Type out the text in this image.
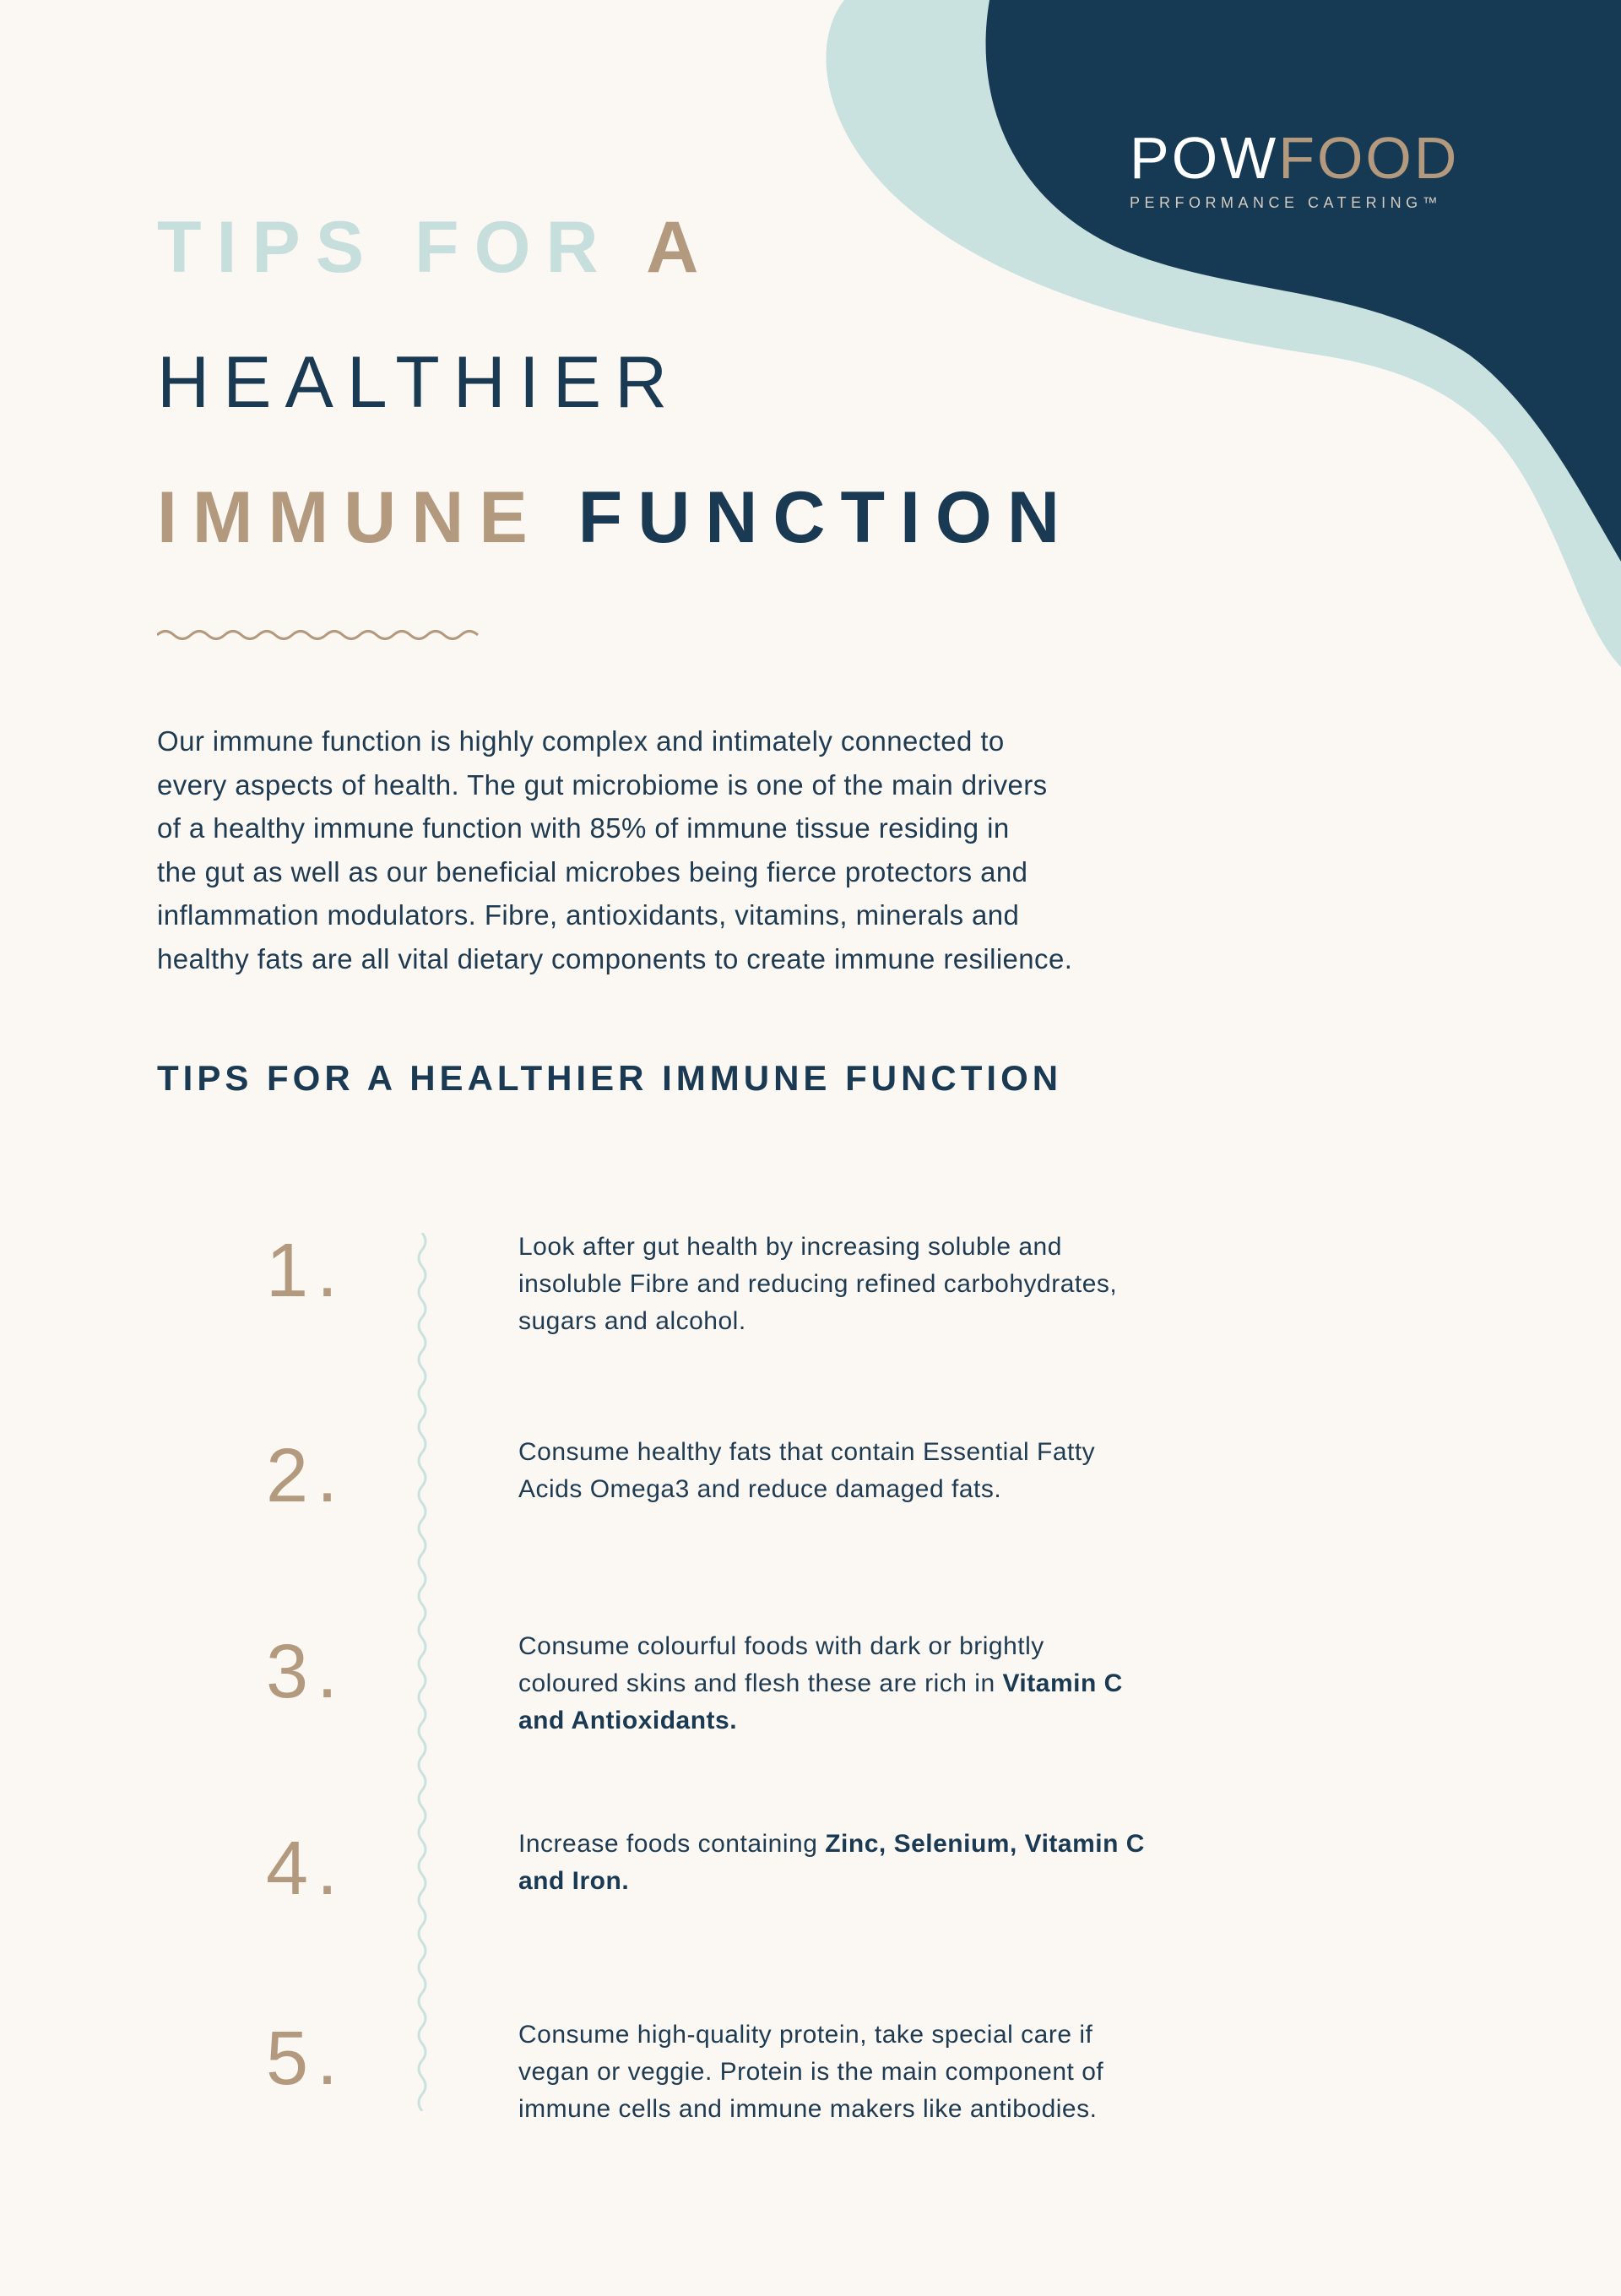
POWFOOD
PERFORMANCE CATERING™
TIPS FOR A
HEALTHIER
IMMUNE FUNCTION

Our immune function is highly complex and intimately connected to

every aspects of health. The gut microbiome is one of the main drivers

of a healthy immune function with 85% of immune tissue residing in

the gut as well as our beneficial microbes being fierce protectors and

inflammation modulators. Fibre, antioxidants, vitamins, minerals and

healthy fats are all vital dietary components to create immune resilience.

TIPS FOR A HEALTHIER IMMUNE FUNCTION
1.	Look after gut health by increasing soluble and

insoluble Fibre and reducing refined carbohydrates,

sugars and alcohol.

2.	Consume healthy fats that contain Essential Fatty

Acids Omega3 and reduce damaged fats.

3.	Consume colourful foods with dark or brightly

coloured skins and flesh these are rich in Vitamin C

and Antioxidants.

4.	Increase foods containing Zinc, Selenium, Vitamin C

and Iron.

5.	Consume high-quality protein, take special care if

vegan or veggie. Protein is the main component of

immune cells and immune makers like antibodies.
